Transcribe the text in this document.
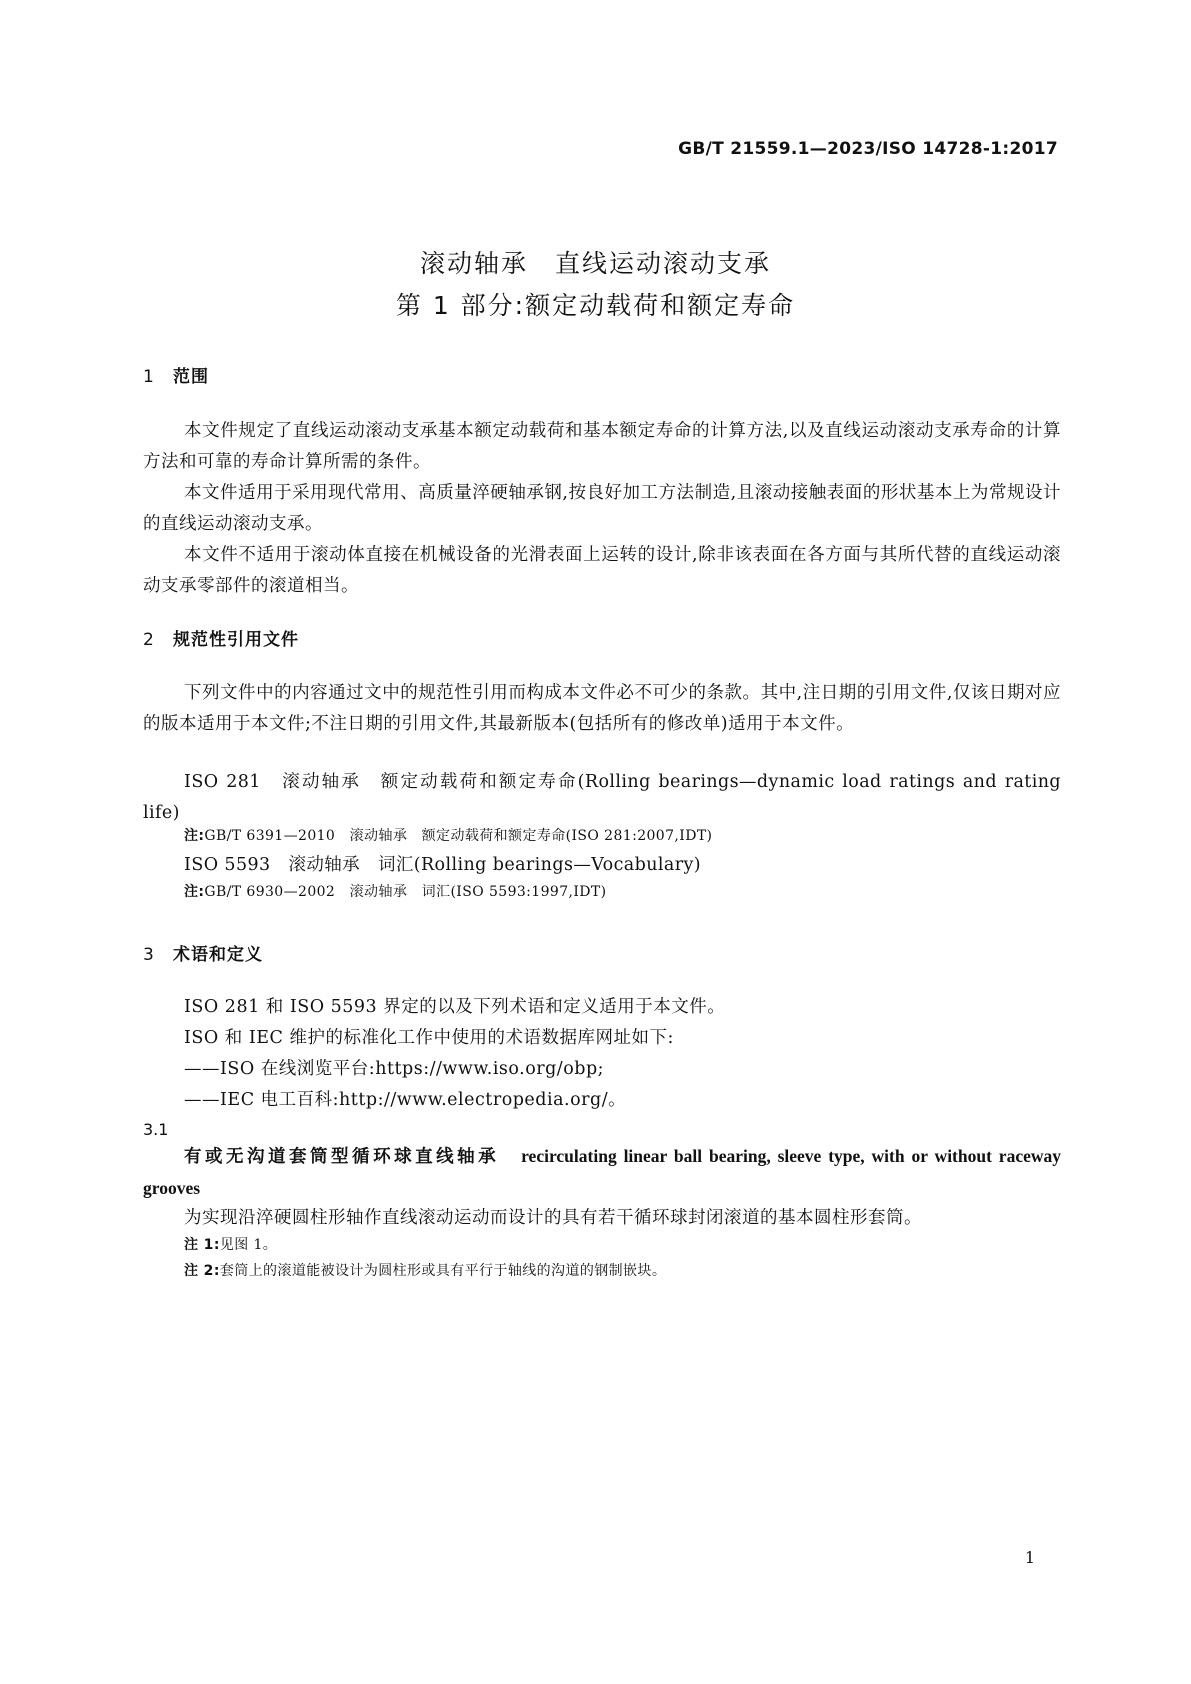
GB/T 21559.1—2023/ISO 14728-1:2017
滚动轴承　直线运动滚动支承
第 1 部分:额定动载荷和额定寿命
1 范围
本文件规定了直线运动滚动支承基本额定动载荷和基本额定寿命的计算方法,以及直线运动滚动支承寿命的计算方法和可靠的寿命计算所需的条件。
本文件适用于采用现代常用、高质量淬硬轴承钢,按良好加工方法制造,且滚动接触表面的形状基本上为常规设计的直线运动滚动支承。
本文件不适用于滚动体直接在机械设备的光滑表面上运转的设计,除非该表面在各方面与其所代替的直线运动滚动支承零部件的滚道相当。
2 规范性引用文件
下列文件中的内容通过文中的规范性引用而构成本文件必不可少的条款。其中,注日期的引用文件,仅该日期对应的版本适用于本文件;不注日期的引用文件,其最新版本(包括所有的修改单)适用于本文件。
ISO 281　滚动轴承　额定动载荷和额定寿命(Rolling bearings—dynamic load ratings and rating life)
注:GB/T 6391—2010　滚动轴承　额定动载荷和额定寿命(ISO 281:2007,IDT)
ISO 5593　滚动轴承　词汇(Rolling bearings—Vocabulary)
注:GB/T 6930—2002　滚动轴承　词汇(ISO 5593:1997,IDT)
3 术语和定义
ISO 281 和 ISO 5593 界定的以及下列术语和定义适用于本文件。
ISO 和 IEC 维护的标准化工作中使用的术语数据库网址如下:
——ISO 在线浏览平台:https://www.iso.org/obp;
——IEC 电工百科:http://www.electropedia.org/。
3.1
有或无沟道套筒型循环球直线轴承 recirculating linear ball bearing, sleeve type, with or without raceway grooves
为实现沿淬硬圆柱形轴作直线滚动运动而设计的具有若干循环球封闭滚道的基本圆柱形套筒。
注 1:见图 1。
注 2:套筒上的滚道能被设计为圆柱形或具有平行于轴线的沟道的钢制嵌块。
1
